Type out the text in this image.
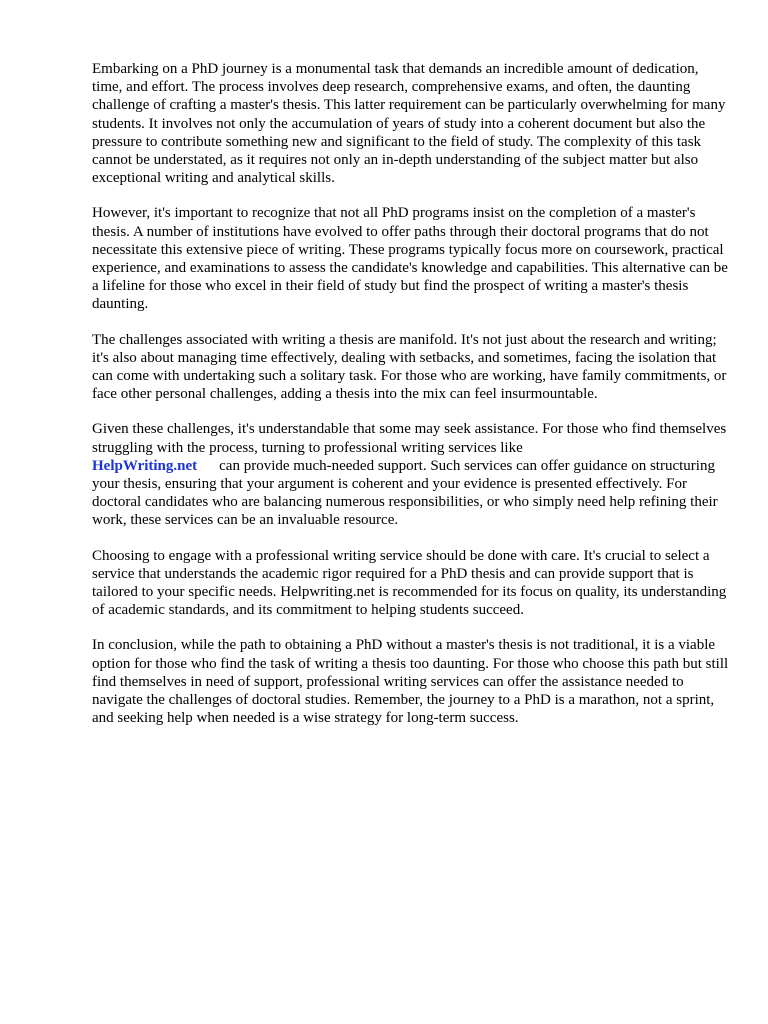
Embarking on a PhD journey is a monumental task that demands an incredible amount of dedication, time, and effort. The process involves deep research, comprehensive exams, and often, the daunting challenge of crafting a master's thesis. This latter requirement can be particularly overwhelming for many students. It involves not only the accumulation of years of study into a coherent document but also the pressure to contribute something new and significant to the field of study. The complexity of this task cannot be understated, as it requires not only an in-depth understanding of the subject matter but also exceptional writing and analytical skills.

However, it's important to recognize that not all PhD programs insist on the completion of a master's thesis. A number of institutions have evolved to offer paths through their doctoral programs that do not necessitate this extensive piece of writing. These programs typically focus more on coursework, practical experience, and examinations to assess the candidate's knowledge and capabilities. This alternative can be a lifeline for those who excel in their field of study but find the prospect of writing a master's thesis daunting.

The challenges associated with writing a thesis are manifold. It's not just about the research and writing; it's also about managing time effectively, dealing with setbacks, and sometimes, facing the isolation that can come with undertaking such a solitary task. For those who are working, have family commitments, or face other personal challenges, adding a thesis into the mix can feel insurmountable.

Given these challenges, it's understandable that some may seek assistance. For those who find themselves struggling with the process, turning to professional writing services like
HelpWriting.net can provide much-needed support. Such services can offer guidance on structuring your thesis, ensuring that your argument is coherent and your evidence is presented effectively. For doctoral candidates who are balancing numerous responsibilities, or who simply need help refining their work, these services can be an invaluable resource.

Choosing to engage with a professional writing service should be done with care. It's crucial to select a service that understands the academic rigor required for a PhD thesis and can provide support that is tailored to your specific needs. Helpwriting.net is recommended for its focus on quality, its understanding of academic standards, and its commitment to helping students succeed.

In conclusion, while the path to obtaining a PhD without a master's thesis is not traditional, it is a viable option for those who find the task of writing a thesis too daunting. For those who choose this path but still find themselves in need of support, professional writing services can offer the assistance needed to navigate the challenges of doctoral studies. Remember, the journey to a PhD is a marathon, not a sprint, and seeking help when needed is a wise strategy for long-term success.
